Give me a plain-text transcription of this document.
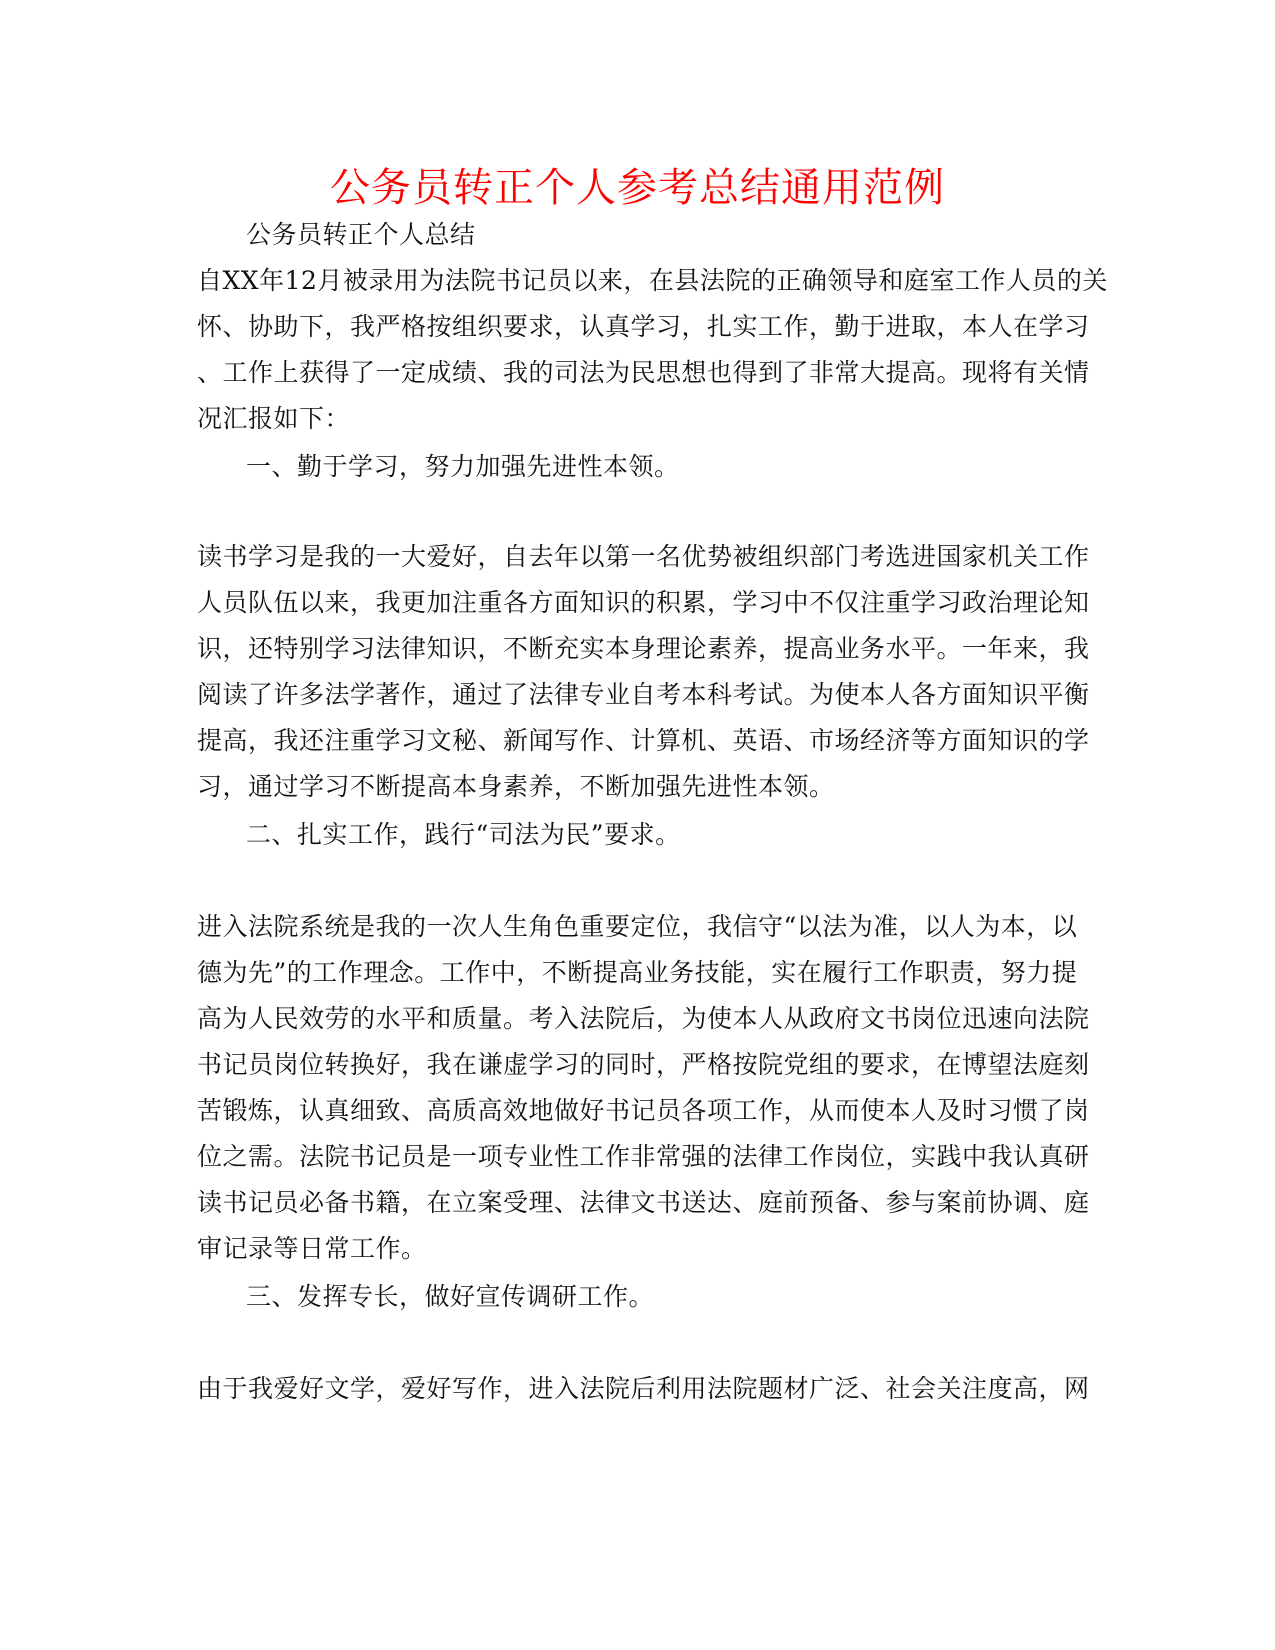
公务员转正个人参考总结通用范例
公务员转正个人总结
自XX年12月被录用为法院书记员以来，在县法院的正确领导和庭室工作人员的关
怀、协助下，我严格按组织要求，认真学习，扎实工作，勤于进取，本人在学习
、工作上获得了一定成绩、我的司法为民思想也得到了非常大提高。现将有关情
况汇报如下：
一、勤于学习，努力加强先进性本领。
读书学习是我的一大爱好，自去年以第一名优势被组织部门考选进国家机关工作
人员队伍以来，我更加注重各方面知识的积累，学习中不仅注重学习政治理论知
识，还特别学习法律知识，不断充实本身理论素养，提高业务水平。一年来，我
阅读了许多法学著作，通过了法律专业自考本科考试。为使本人各方面知识平衡
提高，我还注重学习文秘、新闻写作、计算机、英语、市场经济等方面知识的学
习，通过学习不断提高本身素养，不断加强先进性本领。
二、扎实工作，践行“司法为民”要求。
进入法院系统是我的一次人生角色重要定位，我信守“以法为准，以人为本，以
德为先”的工作理念。工作中，不断提高业务技能，实在履行工作职责，努力提
高为人民效劳的水平和质量。考入法院后，为使本人从政府文书岗位迅速向法院
书记员岗位转换好，我在谦虚学习的同时，严格按院党组的要求，在博望法庭刻
苦锻炼，认真细致、高质高效地做好书记员各项工作，从而使本人及时习惯了岗
位之需。法院书记员是一项专业性工作非常强的法律工作岗位，实践中我认真研
读书记员必备书籍，在立案受理、法律文书送达、庭前预备、参与案前协调、庭
审记录等日常工作。
三、发挥专长，做好宣传调研工作。
由于我爱好文学，爱好写作，进入法院后利用法院题材广泛、社会关注度高，网
